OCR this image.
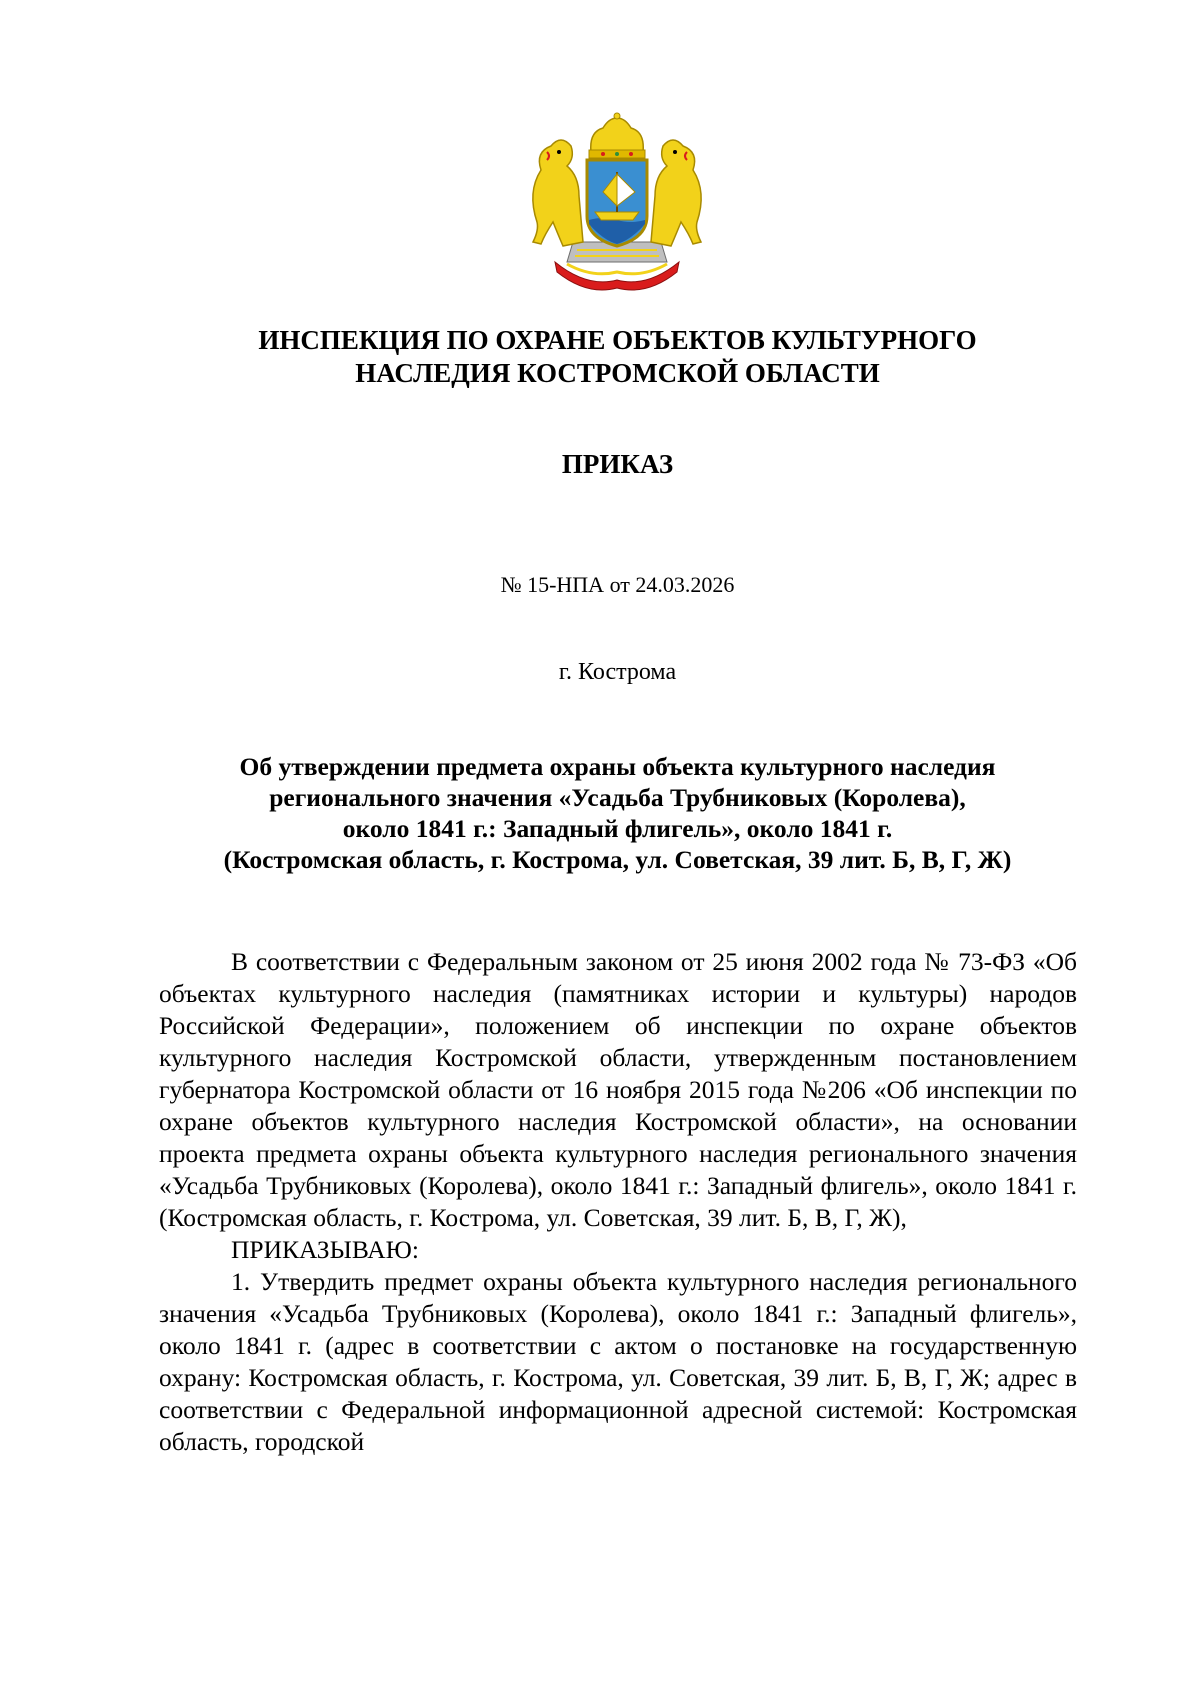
ИНСПЕКЦИЯ ПО ОХРАНЕ ОБЪЕКТОВ КУЛЬТУРНОГО
НАСЛЕДИЯ КОСТРОМСКОЙ ОБЛАСТИ
ПРИКАЗ
№ 15-НПА от 24.03.2026
г. Кострома
Об утверждении предмета охраны объекта культурного наследия
регионального значения «Усадьба Трубниковых (Королева),
около 1841 г.: Западный флигель», около 1841 г.
(Костромская область, г. Кострома, ул. Советская, 39 лит. Б, В, Г, Ж)

В соответствии с Федеральным законом от 25 июня 2002 года № 73-ФЗ «Об объектах культурного наследия (памятниках истории и культуры) народов Российской Федерации», положением об инспекции по охране объектов культурного наследия Костромской области, утвержденным постановлением губернатора Костромской области от 16 ноября 2015 года №206 «Об инспекции по охране объектов культурного наследия Костромской области», на основании проекта предмета охраны объекта культурного наследия регионального значения «Усадьба Трубниковых (Королева), около 1841 г.: Западный флигель», около 1841 г. (Костромская область, г. Кострома, ул. Советская, 39 лит. Б, В, Г, Ж),

ПРИКАЗЫВАЮ:

1. Утвердить предмет охраны объекта культурного наследия регионального значения «Усадьба Трубниковых (Королева), около 1841 г.: Западный флигель», около 1841 г. (адрес в соответствии с актом о постановке на государственную охрану: Костромская область, г. Кострома, ул. Советская, 39 лит. Б, В, Г, Ж; адрес в соответствии с Федеральной информационной адресной системой: Костромская область, городской
